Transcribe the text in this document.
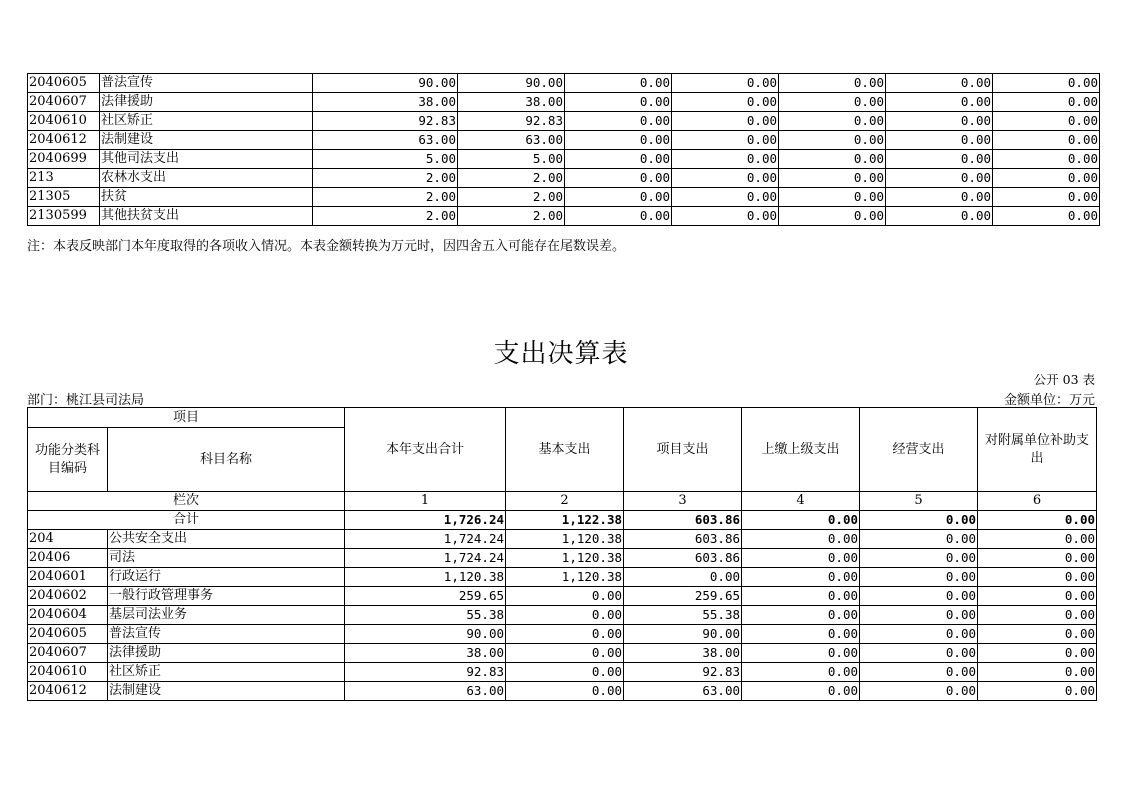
2040605	普法宣传	90.00	90.00	0.00	0.00	0.00	0.00	0.00
2040607	法律援助	38.00	38.00	0.00	0.00	0.00	0.00	0.00
2040610	社区矫正	92.83	92.83	0.00	0.00	0.00	0.00	0.00
2040612	法制建设	63.00	63.00	0.00	0.00	0.00	0.00	0.00
2040699	其他司法支出	5.00	5.00	0.00	0.00	0.00	0.00	0.00
213	农林水支出	2.00	2.00	0.00	0.00	0.00	0.00	0.00
21305	扶贫	2.00	2.00	0.00	0.00	0.00	0.00	0.00
2130599	其他扶贫支出	2.00	2.00	0.00	0.00	0.00	0.00	0.00
注：本表反映部门本年度取得的各项收入情况。本表金额转换为万元时，因四舍五入可能存在尾数误差。
支出决算表
公开 03 表
部门：桃江县司法局	金额单位：万元
项目		本年支出合计	基本支出	项目支出	上缴上级支出	经营支出	对附属单位补助支出
功能分类科目编码	科目名称						
栏次		1	2	3	4	5	6
合计		1,726.24	1,122.38	603.86	0.00	0.00	0.00
204	公共安全支出	1,724.24	1,120.38	603.86	0.00	0.00	0.00
20406	司法	1,724.24	1,120.38	603.86	0.00	0.00	0.00
2040601	行政运行	1,120.38	1,120.38	0.00	0.00	0.00	0.00
2040602	一般行政管理事务	259.65	0.00	259.65	0.00	0.00	0.00
2040604	基层司法业务	55.38	0.00	55.38	0.00	0.00	0.00
2040605	普法宣传	90.00	0.00	90.00	0.00	0.00	0.00
2040607	法律援助	38.00	0.00	38.00	0.00	0.00	0.00
2040610	社区矫正	92.83	0.00	92.83	0.00	0.00	0.00
2040612	法制建设	63.00	0.00	63.00	0.00	0.00	0.00
